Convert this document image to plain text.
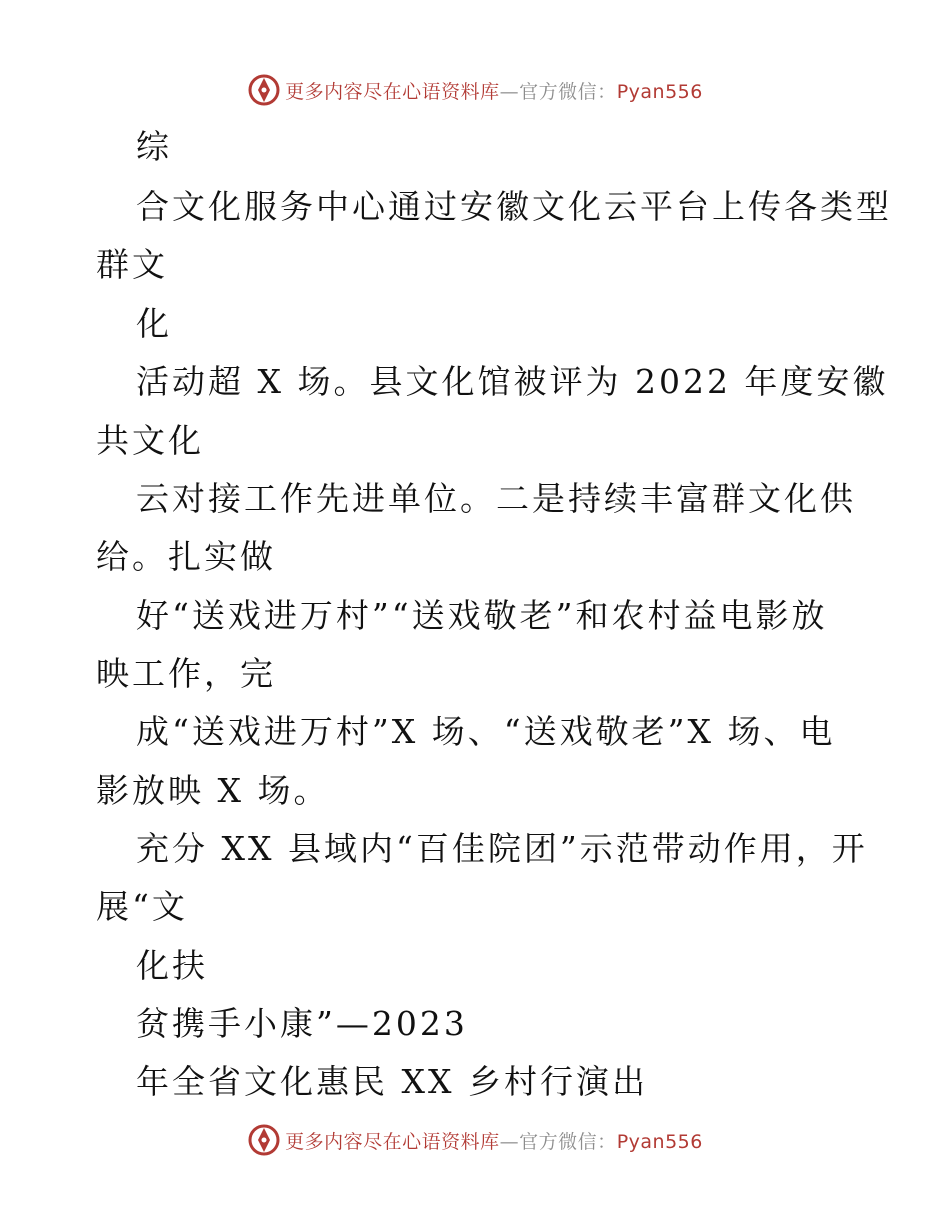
更多内容尽在心语资料库—官方微信：Pyan556
综
合文化服务中心通过安徽文化云平台上传各类型
群文
化
活动超 X 场。县文化馆被评为 2022 年度安徽
共文化
云对接工作先进单位。二是持续丰富群文化供
给。扎实做
好“送戏进万村”“送戏敬老”和农村益电影放
映工作，完
成“送戏进万村”X 场、“送戏敬老”X 场、电
影放映 X 场。
充分 XX 县域内“百佳院团”示范带动作用，开
展“文
化扶
贫携手小康”—2023
年全省文化惠民 XX 乡村行演出
更多内容尽在心语资料库—官方微信：Pyan556
